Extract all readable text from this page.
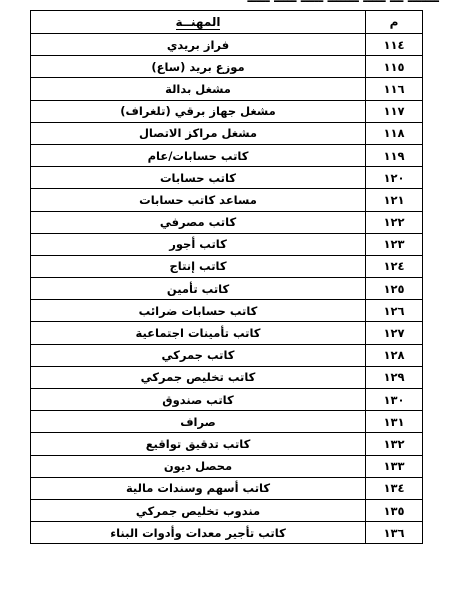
م	المهنــة
١١٤	فراز بريدي
١١٥	موزع بريد (ساع)
١١٦	مشغل بدالة
١١٧	مشغل جهاز برقي (تلغراف)
١١٨	مشغل مراكز الاتصال
١١٩	كاتب حسابات/عام
١٢٠	كاتب حسابات
١٢١	مساعد كاتب حسابات
١٢٢	كاتب مصرفي
١٢٣	كاتب أجور
١٢٤	كاتب إنتاج
١٢٥	كاتب تأمين
١٢٦	كاتب حسابات ضرائب
١٢٧	كاتب تأمينات اجتماعية
١٢٨	كاتب جمركي
١٢٩	كاتب تخليص جمركي
١٣٠	كاتب صندوق
١٣١	صراف
١٣٢	كاتب تدقيق تواقيع
١٣٣	محصل ديون
١٣٤	كاتب أسهم وسندات مالية
١٣٥	مندوب تخليص جمركي
١٣٦	كاتب تأجير معدات وأدوات البناء
